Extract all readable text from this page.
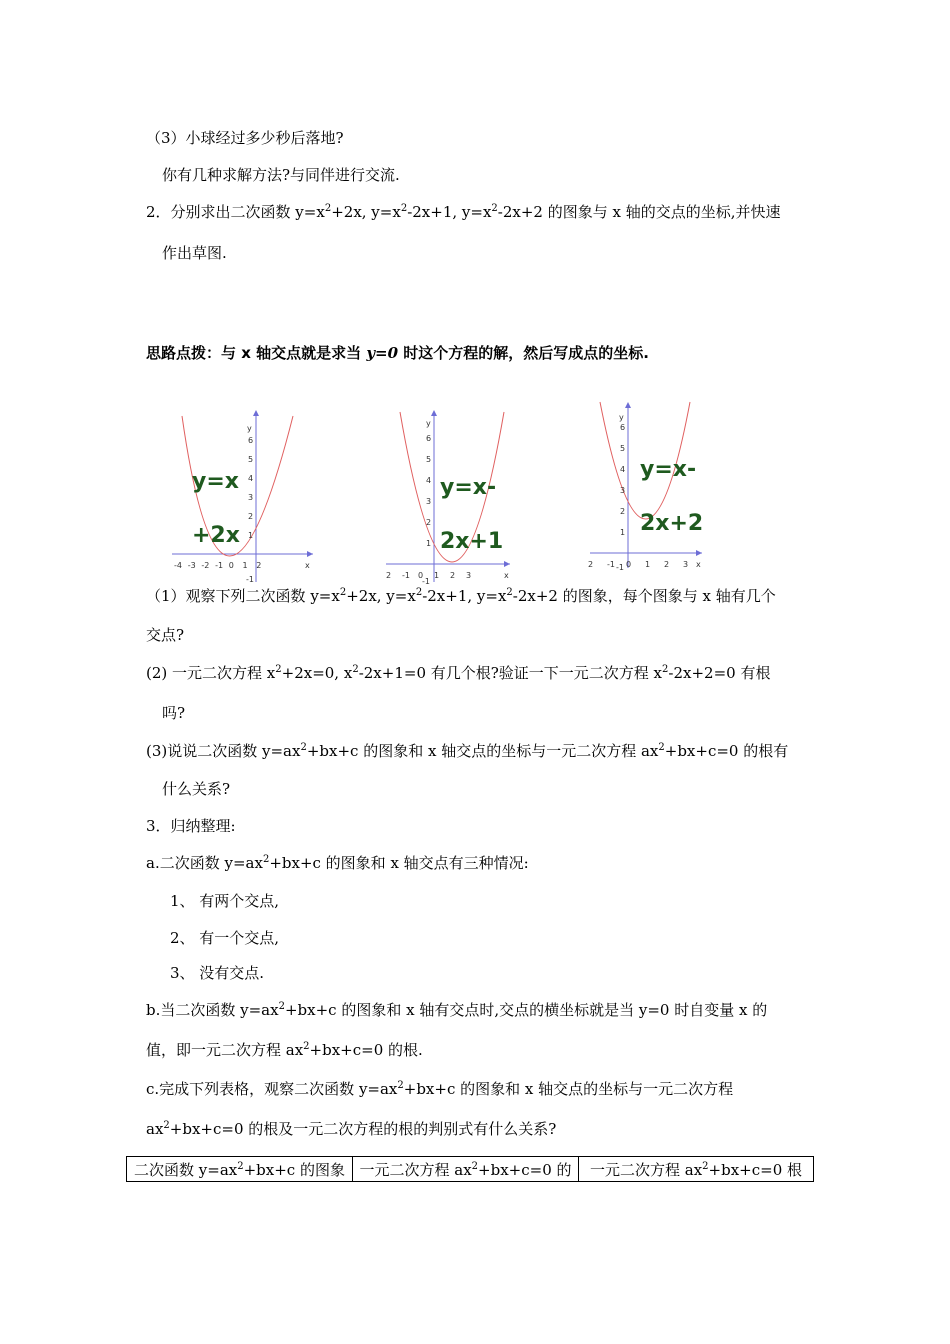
（3）小球经过多少秒后落地?
你有几种求解方法?与同伴进行交流.
2．分别求出二次函数 $y=x^2+2x$, $y=x^2-2x+1$, $y=x^2-2x+2$ 的图象与 x 轴的交点的坐标,并快速
作出草图.
思路点拨：与 x 轴交点就是求当 y=0 时这个方程的解，然后写成点的坐标.
y
x
-4 -3 -2 -1 0 1 2
1
2
3
4
5
6
-1
y=x
+2x
y
x
2 -1 0 1 2 3
1
2
3
4
5
6
-1
y=x-
2x+1
y
x
2 -1 0 1 2 3
1
2
3
4
5
6
-1
y=x-
2x+2
（1）观察下列二次函数 $y=x^2+2x$, $y=x^2-2x+1$, $y=x^2-2x+2$ 的图象，每个图象与 x 轴有几个
交点?
(2) 一元二次方程 $x^2+2x=0$, $x^2-2x+1=0$ 有几个根?验证一下一元二次方程 $x^2-2x+2=0$ 有根
吗?
(3)说说二次函数 $y=ax^2+bx+c$ 的图象和 x 轴交点的坐标与一元二次方程 $ax^2+bx+c=0$ 的根有
什么关系?
3．归纳整理:
a.二次函数 $y=ax^2+bx+c$ 的图象和 x 轴交点有三种情况:
1、 有两个交点,
2、 有一个交点,
3、 没有交点.
b.当二次函数 $y=ax^2+bx+c$ 的图象和 x 轴有交点时,交点的横坐标就是当 y=0 时自变量 x 的
值，即一元二次方程 $ax^2+bx+c=0$ 的根.
c.完成下列表格，观察二次函数 $y=ax^2+bx+c$ 的图象和 x 轴交点的坐标与一元二次方程
$ax^2+bx+c=0$ 的根及一元二次方程的根的判别式有什么关系?
二次函数 $y=ax^2+bx+c$ 的图象	一元二次方程 $ax^2+bx+c=0$ 的	一元二次方程 $ax^2+bx+c=0$ 根
